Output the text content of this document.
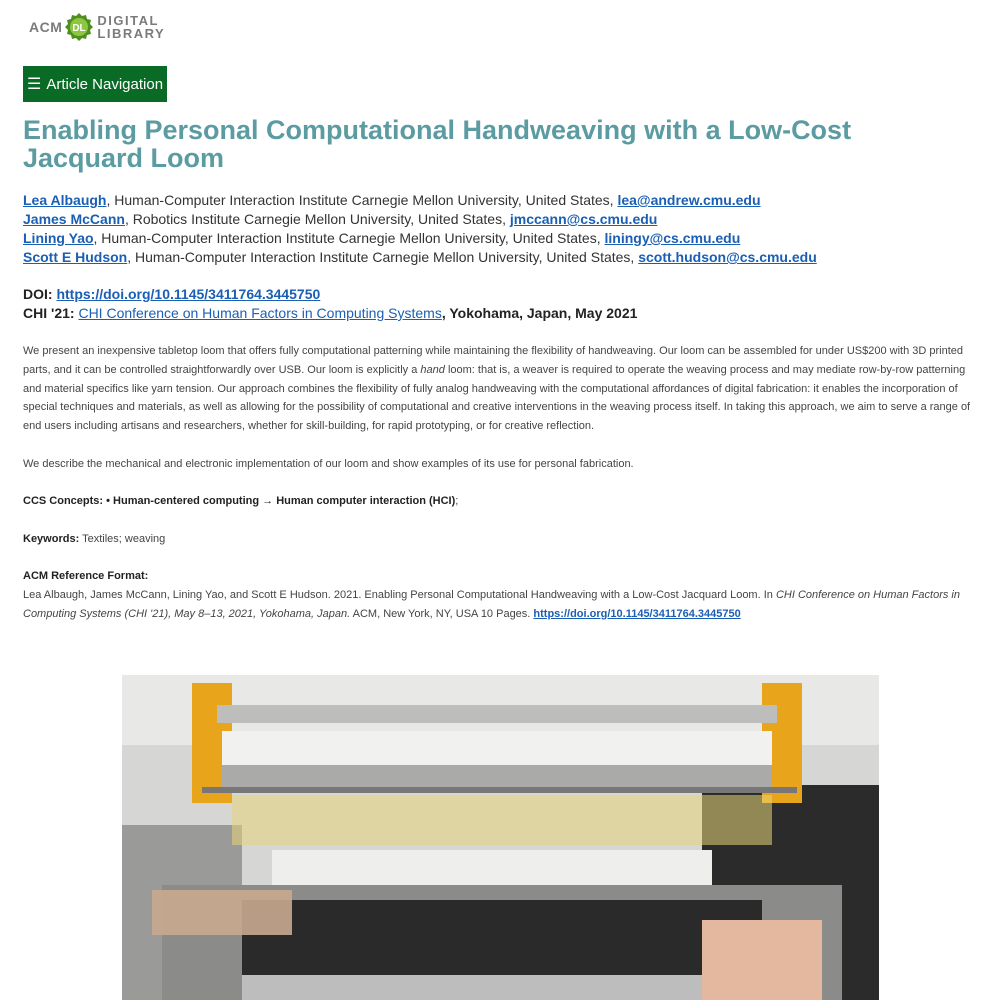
ACM DL
DIGITAL
LIBRARY
☰ Article Navigation
Enabling Personal Computational Handweaving with a Low-Cost Jacquard Loom
Lea Albaugh, Human-Computer Interaction Institute Carnegie Mellon University, United States, lea@andrew.cmu.edu
James McCann, Robotics Institute Carnegie Mellon University, United States, jmccann@cs.cmu.edu
Lining Yao, Human-Computer Interaction Institute Carnegie Mellon University, United States, liningy@cs.cmu.edu
Scott E Hudson, Human-Computer Interaction Institute Carnegie Mellon University, United States, scott.hudson@cs.cmu.edu
DOI: https://doi.org/10.1145/3411764.3445750
CHI '21: CHI Conference on Human Factors in Computing Systems, Yokohama, Japan, May 2021

We present an inexpensive tabletop loom that offers fully computational patterning while maintaining the flexibility of handweaving. Our loom can be assembled for under US$200 with 3D printed parts, and it can be controlled straightforwardly over USB. Our loom is explicitly a hand loom: that is, a weaver is required to operate the weaving process and may mediate row-by-row patterning and material specifics like yarn tension. Our approach combines the flexibility of fully analog handweaving with the computational affordances of digital fabrication: it enables the incorporation of special techniques and materials, as well as allowing for the possibility of computational and creative interventions in the weaving process itself. In taking this approach, we aim to serve a range of end users including artisans and researchers, whether for skill-building, for rapid prototyping, or for creative reflection.

We describe the mechanical and electronic implementation of our loom and show examples of its use for personal fabrication.

CCS Concepts: • Human-centered computing → Human computer interaction (HCI);

Keywords: Textiles; weaving

ACM Reference Format:

Lea Albaugh, James McCann, Lining Yao, and Scott E Hudson. 2021. Enabling Personal Computational Handweaving with a Low-Cost Jacquard Loom. In CHI Conference on Human Factors in Computing Systems (CHI '21), May 8–13, 2021, Yokohama, Japan. ACM, New York, NY, USA 10 Pages. https://doi.org/10.1145/3411764.3445750
